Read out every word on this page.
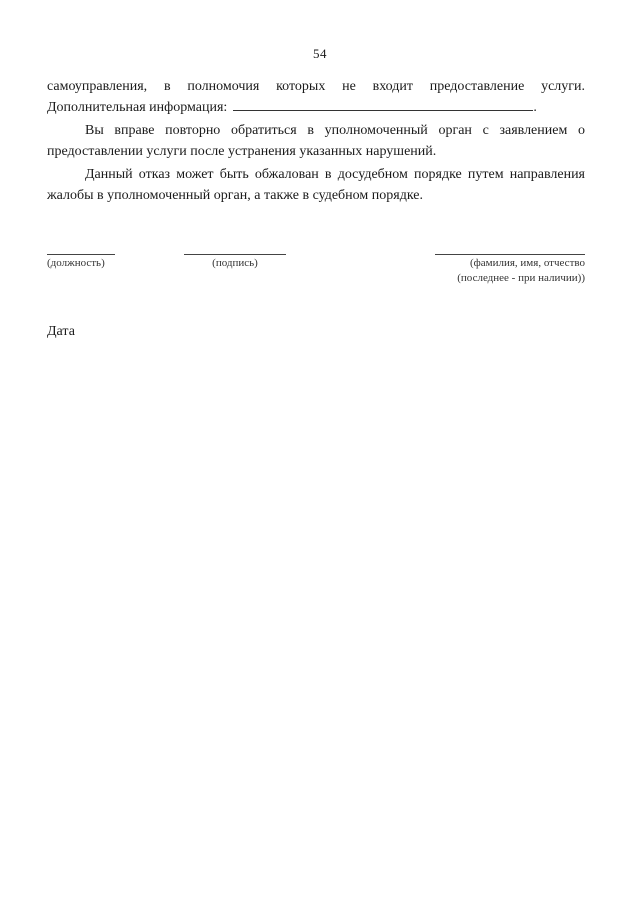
54

самоуправления, в полномочия которых не входит предоставление услуги.

Дополнительная информация:	.

Вы вправе повторно обратиться в уполномоченный орган с заявлением о предоставлении услуги после устранения указанных нарушений.

Данный отказ может быть обжалован в досудебном порядке путем направления жалобы в уполномоченный орган, а также в судебном порядке.

(должность)	(подпись)	(фамилия, имя, отчество
(последнее - при наличии))
Дата
